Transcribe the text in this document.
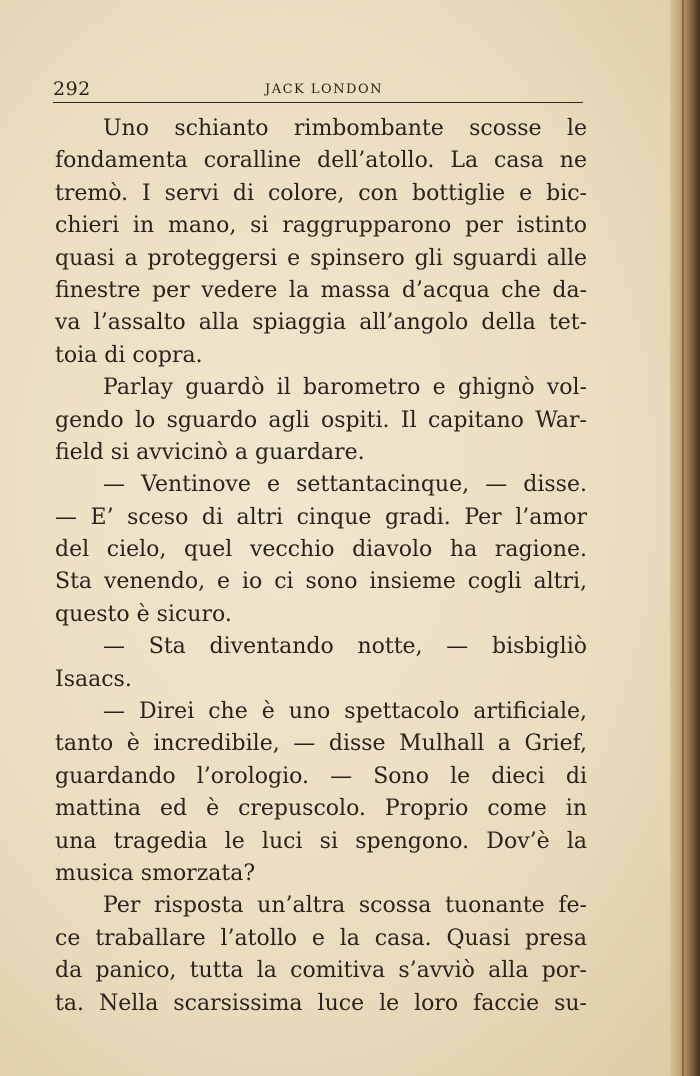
292	JACK LONDON
Uno schianto rimbombante scosse le
fondamenta coralline dell’atollo. La casa ne
tremò. I servi di colore, con bottiglie e bic-
chieri in mano, si raggrupparono per istinto
quasi a proteggersi e spinsero gli sguardi alle
finestre per vedere la massa d’acqua che da-
va l’assalto alla spiaggia all’angolo della tet-
toia di copra.
Parlay guardò il barometro e ghignò vol-
gendo lo sguardo agli ospiti. Il capitano War-
field si avvicinò a guardare.
— Ventinove e settantacinque, — disse.
— E’ sceso di altri cinque gradi. Per l’amor
del cielo, quel vecchio diavolo ha ragione.
Sta venendo, e io ci sono insieme cogli altri,
questo è sicuro.
— Sta diventando notte, — bisbigliò
Isaacs.
— Direi che è uno spettacolo artificiale,
tanto è incredibile, — disse Mulhall a Grief,
guardando l’orologio. — Sono le dieci di
mattina ed è crepuscolo. Proprio come in
una tragedia le luci si spengono. Dov’è la
musica smorzata?
Per risposta un’altra scossa tuonante fe-
ce traballare l’atollo e la casa. Quasi presa
da panico, tutta la comitiva s’avviò alla por-
ta. Nella scarsissima luce le loro faccie su-
